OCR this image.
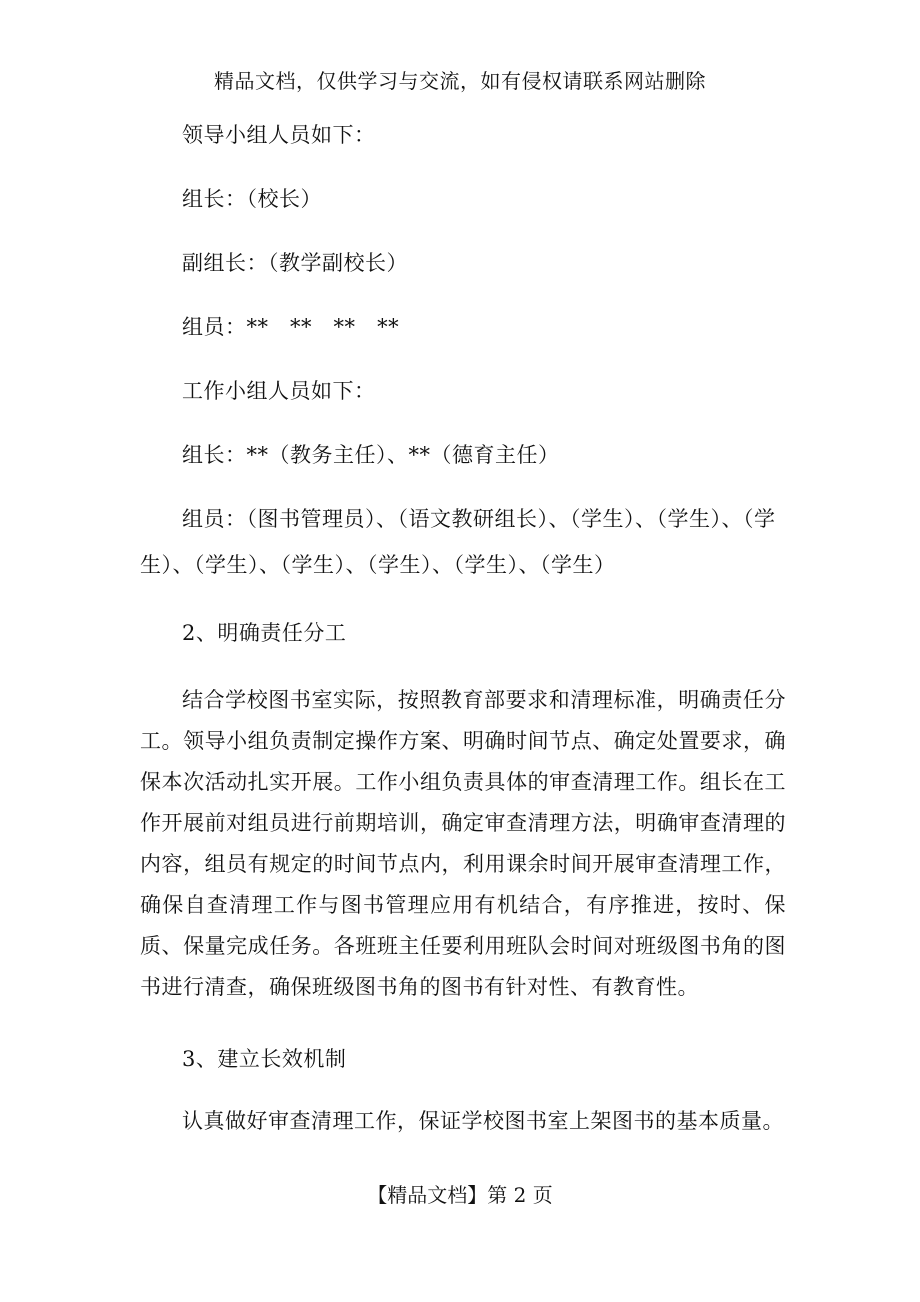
精品文档，仅供学习与交流，如有侵权请联系网站删除

领导小组人员如下：

组长：（校长）

副组长：（教学副校长）

组员：**   **   **   **

工作小组人员如下：

组长：**（教务主任）、**（德育主任）

组员：（图书管理员）、（语文教研组长）、（学生）、（学生）、（学生）、（学生）、（学生）、（学生）、（学生）、（学生）

2、明确责任分工

结合学校图书室实际，按照教育部要求和清理标准，明确责任分工。领导小组负责制定操作方案、明确时间节点、确定处置要求，确保本次活动扎实开展。工作小组负责具体的审查清理工作。组长在工作开展前对组员进行前期培训，确定审查清理方法，明确审查清理的内容，组员有规定的时间节点内，利用课余时间开展审查清理工作，确保自查清理工作与图书管理应用有机结合，有序推进，按时、保质、保量完成任务。各班班主任要利用班队会时间对班级图书角的图书进行清查，确保班级图书角的图书有针对性、有教育性。

3、建立长效机制

认真做好审查清理工作，保证学校图书室上架图书的基本质量。

【精品文档】第 2 页
